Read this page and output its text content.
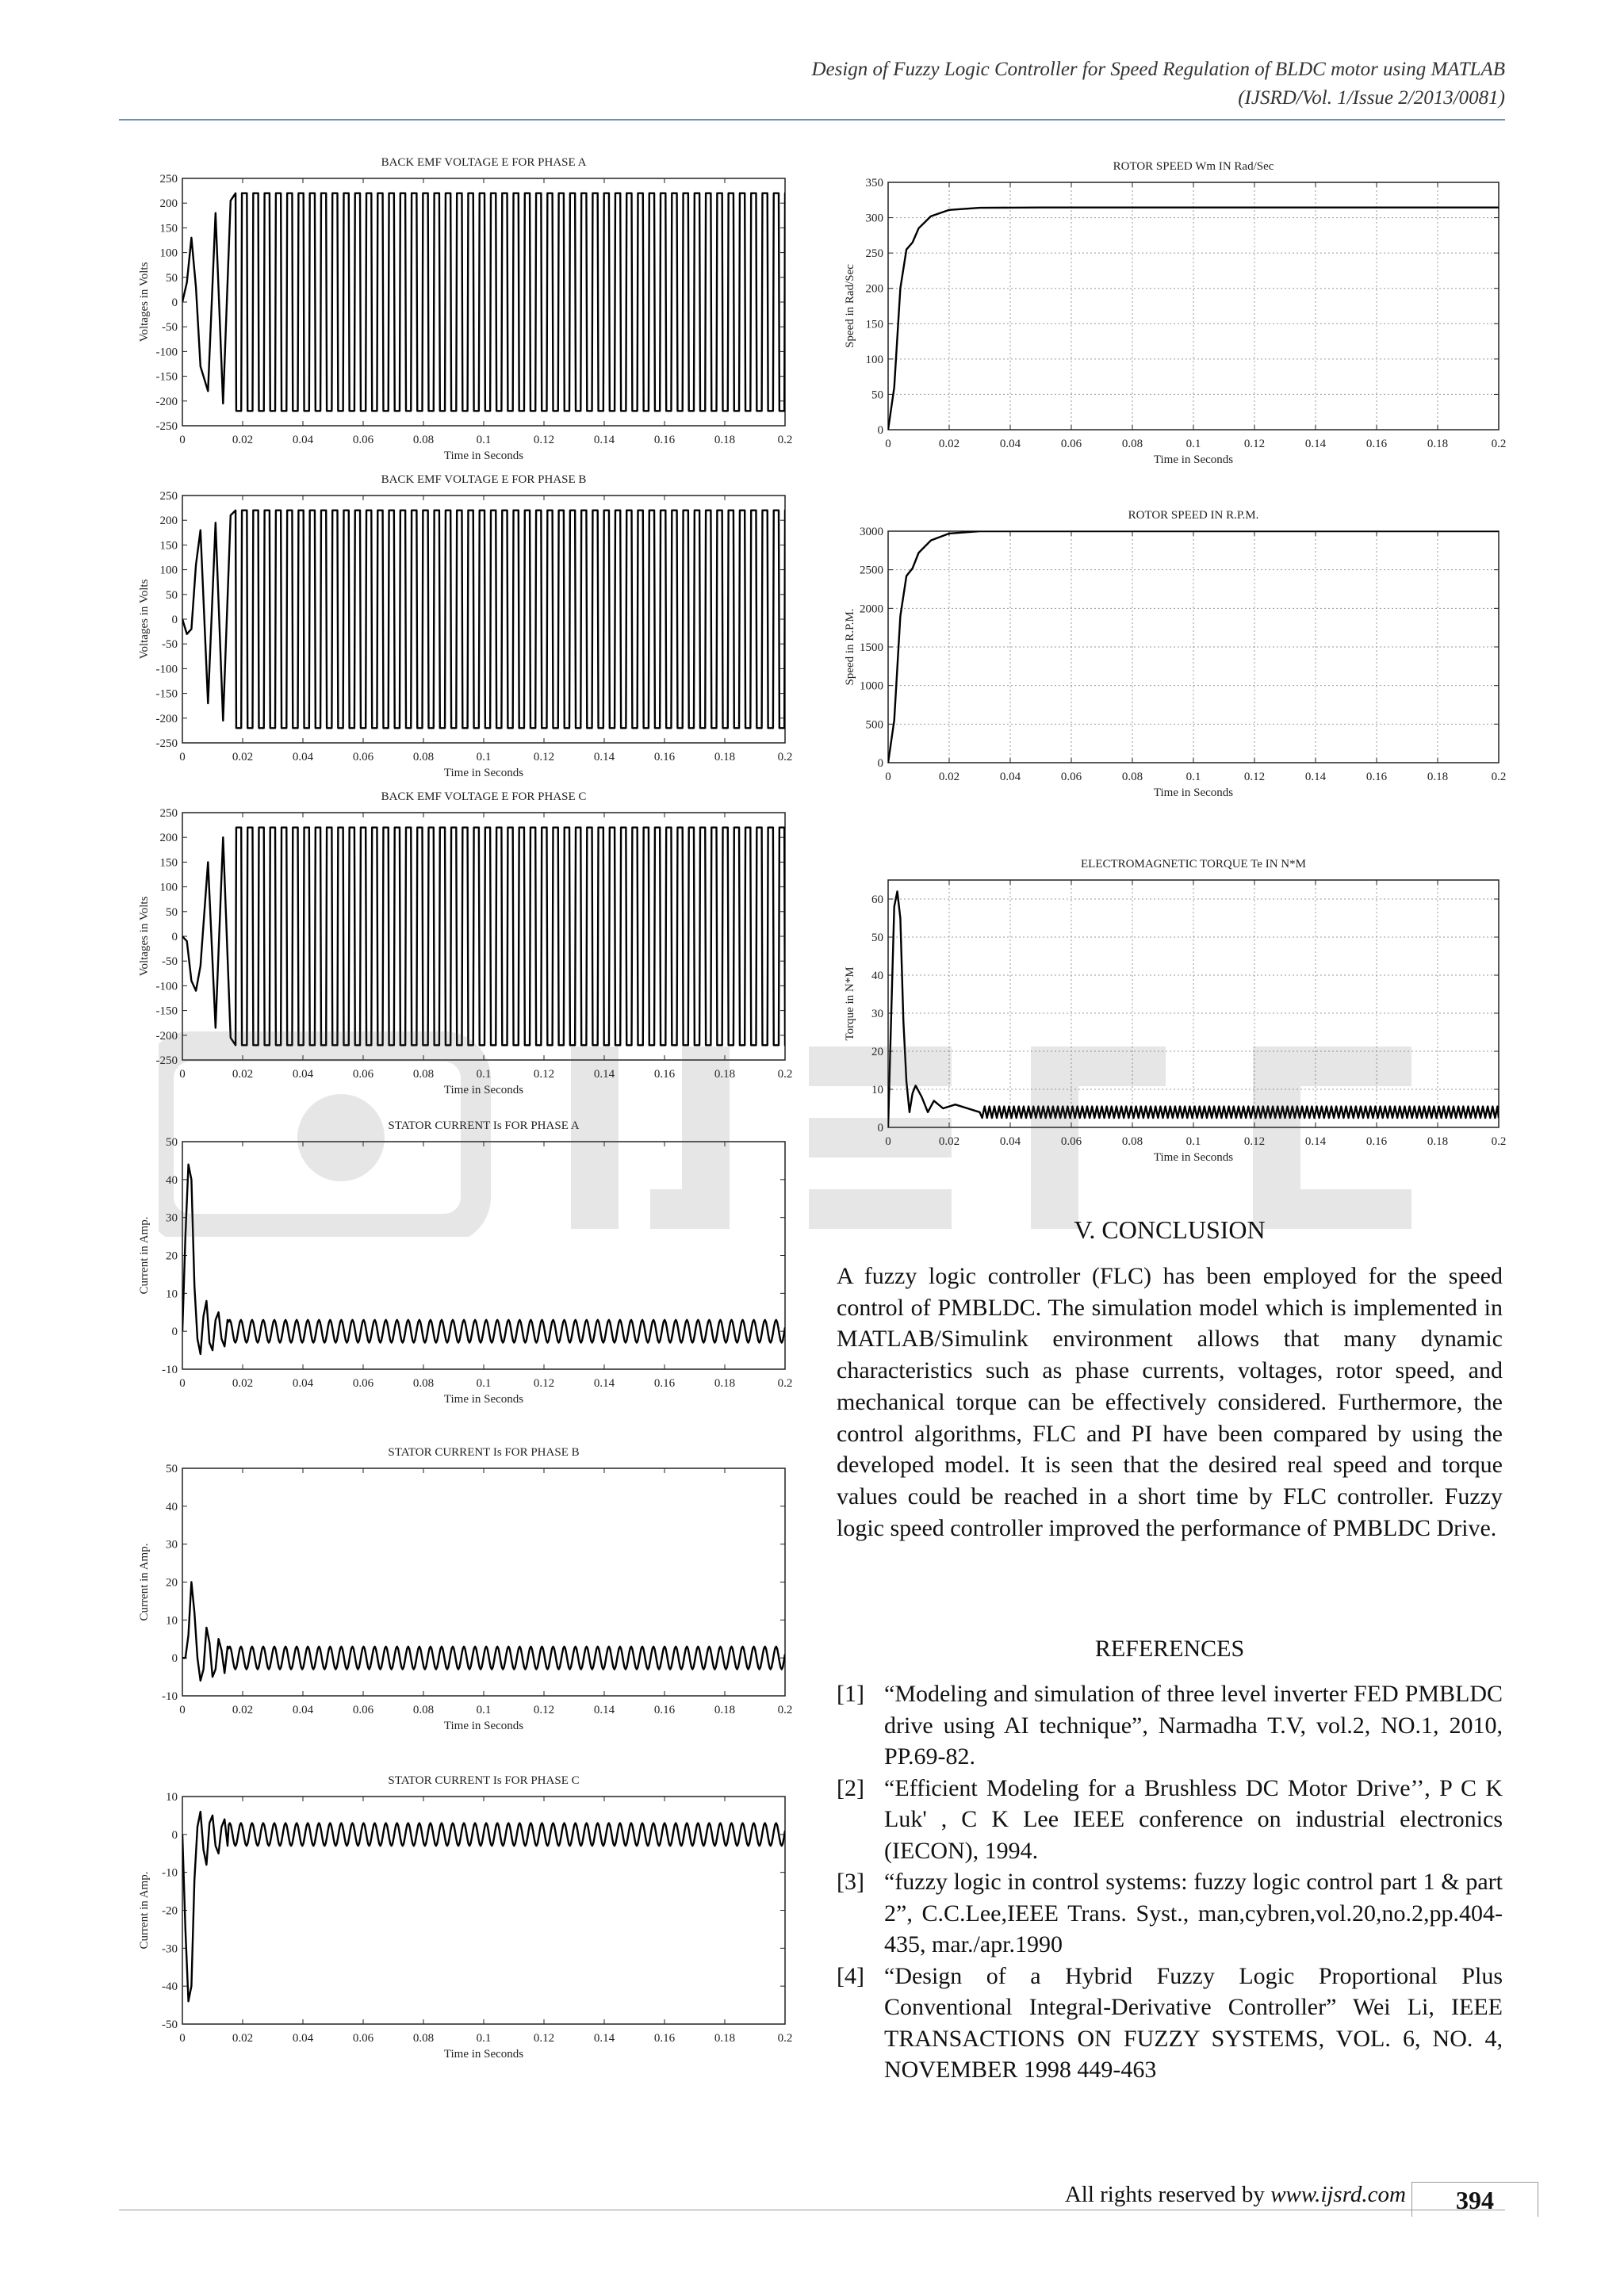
Design of Fuzzy Logic Controller for Speed Regulation of BLDC motor using MATLAB
(IJSRD/Vol. 1/Issue 2/2013/0081)
BACK EMF VOLTAGE E FOR PHASE A
0	0.02	0.04	0.06	0.08	0.1	0.12	0.14	0.16	0.18	0.2
-250
-200
-150
-100
-50
0
50
100
150
200
250
Time in Seconds
Voltages in Volts
BACK EMF VOLTAGE E FOR PHASE B
0	0.02	0.04	0.06	0.08	0.1	0.12	0.14	0.16	0.18	0.2
-250
-200
-150
-100
-50
0
50
100
150
200
250
Time in Seconds
Voltages in Volts
BACK EMF VOLTAGE E FOR PHASE C
0	0.02	0.04	0.06	0.08	0.1	0.12	0.14	0.16	0.18	0.2
-250
-200
-150
-100
-50
0
50
100
150
200
250
Time in Seconds
Voltages in Volts
STATOR CURRENT Is FOR PHASE A
0	0.02	0.04	0.06	0.08	0.1	0.12	0.14	0.16	0.18	0.2
-10
0
10
20
30
40
50
Time in Seconds
Current in Amp.
STATOR CURRENT Is FOR PHASE B
0	0.02	0.04	0.06	0.08	0.1	0.12	0.14	0.16	0.18	0.2
-10
0
10
20
30
40
50
Time in Seconds
Current in Amp.
STATOR CURRENT Is FOR PHASE C
0	0.02	0.04	0.06	0.08	0.1	0.12	0.14	0.16	0.18	0.2
-50
-40
-30
-20
-10
0
10
Time in Seconds
Current in Amp.
ROTOR SPEED Wm IN Rad/Sec
0	0.02	0.04	0.06	0.08	0.1	0.12	0.14	0.16	0.18	0.2
0
50
100
150
200
250
300
350
Time in Seconds
Speed in Rad/Sec
ROTOR SPEED IN R.P.M.
0	0.02	0.04	0.06	0.08	0.1	0.12	0.14	0.16	0.18	0.2
0
500
1000
1500
2000
2500
3000
Time in Seconds
Speed in R.P.M.
ELECTROMAGNETIC TORQUE Te IN N*M
0	0.02	0.04	0.06	0.08	0.1	0.12	0.14	0.16	0.18	0.2
0
10
20
30
40
50
60
Time in Seconds
Torque in N*M
V. CONCLUSION
A fuzzy logic controller (FLC) has been employed for the speed control of PMBLDC. The simulation model which is implemented in MATLAB/Simulink environment allows that many dynamic characteristics such as phase currents, voltages, rotor speed, and mechanical torque can be effectively considered. Furthermore, the control algorithms, FLC and PI have been compared by using the developed model. It is seen that the desired real speed and torque values could be reached in a short time by FLC controller. Fuzzy logic speed controller improved the performance of PMBLDC Drive.
REFERENCES
[1] “Modeling and simulation of three level inverter FED PMBLDC drive using AI technique”, Narmadha T.V, vol.2, NO.1, 2010, PP.69-82.
[2] “Efficient Modeling for a Brushless DC Motor Drive’’, P C K Luk' , C K Lee IEEE conference on industrial electronics (IECON), 1994.
[3] “fuzzy logic in control systems: fuzzy logic control part 1 & part 2”, C.C.Lee,IEEE Trans. Syst., man,cybren,vol.20,no.2,pp.404-435, mar./apr.1990
[4] “Design of a Hybrid Fuzzy Logic Proportional Plus Conventional Integral-Derivative Controller” Wei Li, IEEE TRANSACTIONS ON FUZZY SYSTEMS, VOL. 6, NO. 4, NOVEMBER 1998 449-463
All rights reserved by www.ijsrd.com	394
